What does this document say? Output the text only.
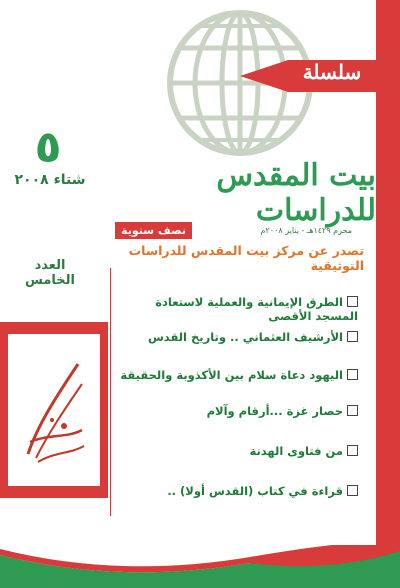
سلسلة
٥
شتاء ٢٠٠٨	بيت المقدس للدراسات
نصف سنوية	محرم ١٤٢٩هـ - يناير ٢٠٠٨م
تصدر عن مركز بيت المقدس للدراسات التوثيقية
العدد الخامس
الطرق الإيمانية والعملية لاستعادة المسجد الأقصى
الأرشيف العثماني .. وتاريخ القدس
اليهود دعاة سلام بين الأكذوبة والحقيقة
حصار غزة ...أرقام وآلام
من فتاوى الهدنة
قراءة في كتاب (القدس أولا) ..
